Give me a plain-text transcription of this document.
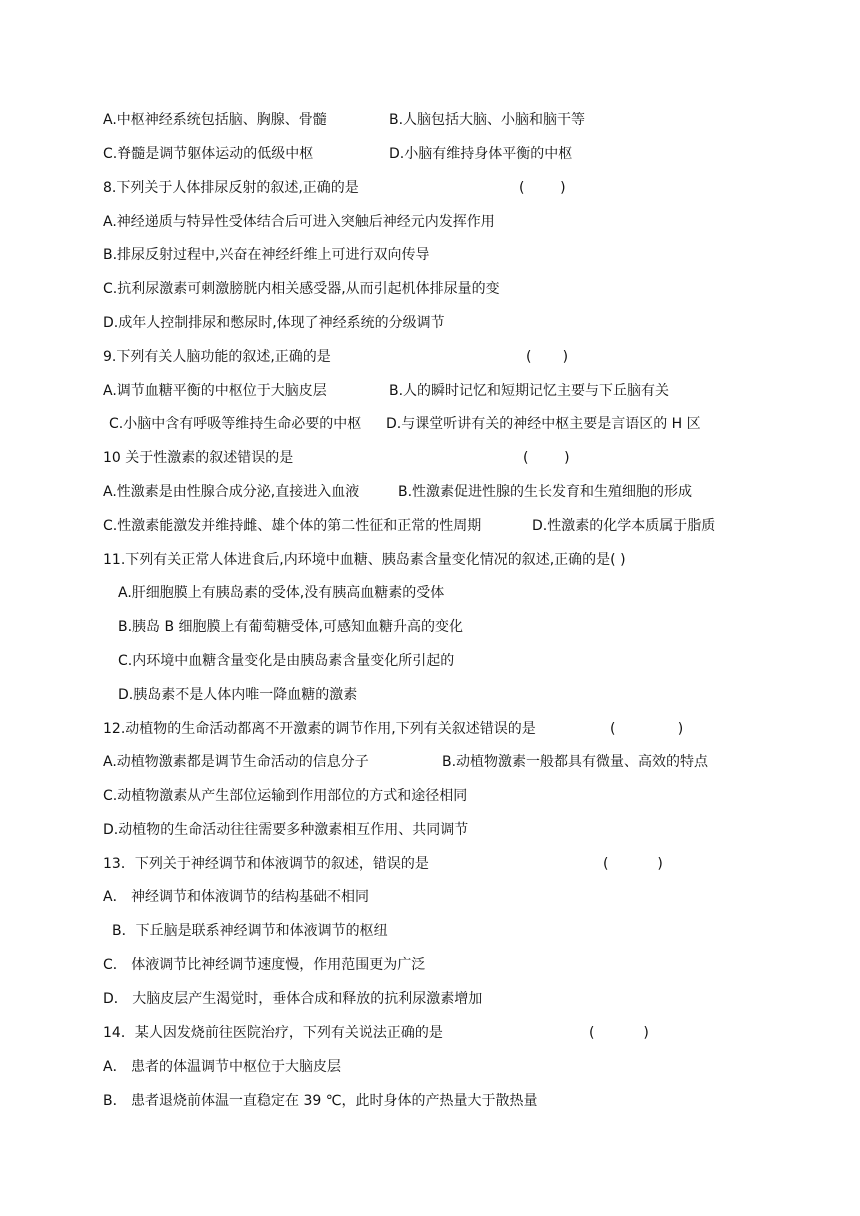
A.中枢神经系统包括脑、胸腺、骨髓	B.人脑包括大脑、小脑和脑干等
C.脊髓是调节躯体运动的低级中枢	D.小脑有维持身体平衡的中枢
8.下列关于人体排尿反射的叙述,正确的是	(        )
A.神经递质与特异性受体结合后可进入突触后神经元内发挥作用
B.排尿反射过程中,兴奋在神经纤维上可进行双向传导
C.抗利尿激素可刺激膀胱内相关感受器,从而引起机体排尿量的变
D.成年人控制排尿和憋尿时,体现了神经系统的分级调节
9.下列有关人脑功能的叙述,正确的是	(       )
A.调节血糖平衡的中枢位于大脑皮层	B.人的瞬时记忆和短期记忆主要与下丘脑有关
C.小脑中含有呼吸等维持生命必要的中枢 D.与课堂听讲有关的神经中枢主要是言语区的 H 区
10 关于性激素的叙述错误的是	(        )
A.性激素是由性腺合成分泌,直接进入血液	B.性激素促进性腺的生长发育和生殖细胞的形成
C.性激素能激发并维持雌、雄个体的第二性征和正常的性周期	D.性激素的化学本质属于脂质
11.下列有关正常人体进食后,内环境中血糖、胰岛素含量变化情况的叙述,正确的是( )
A.肝细胞膜上有胰岛素的受体,没有胰高血糖素的受体
B.胰岛 B 细胞膜上有葡萄糖受体,可感知血糖升高的变化
C.内环境中血糖含量变化是由胰岛素含量变化所引起的
D.胰岛素不是人体内唯一降血糖的激素
12.动植物的生命活动都离不开激素的调节作用,下列有关叙述错误的是	(              )
A.动植物激素都是调节生命活动的信息分子	B.动植物激素一般都具有微量、高效的特点
C.动植物激素从产生部位运输到作用部位的方式和途径相同
D.动植物的生命活动往往需要多种激素相互作用、共同调节
13．下列关于神经调节和体液调节的叙述，错误的是	(           )
A． 神经调节和体液调节的结构基础不相同
B．下丘脑是联系神经调节和体液调节的枢纽
C． 体液调节比神经调节速度慢，作用范围更为广泛
D． 大脑皮层产生渴觉时，垂体合成和释放的抗利尿激素增加
14．某人因发烧前往医院治疗，下列有关说法正确的是	(           )
A． 患者的体温调节中枢位于大脑皮层
B． 患者退烧前体温一直稳定在 39 ℃，此时身体的产热量大于散热量
